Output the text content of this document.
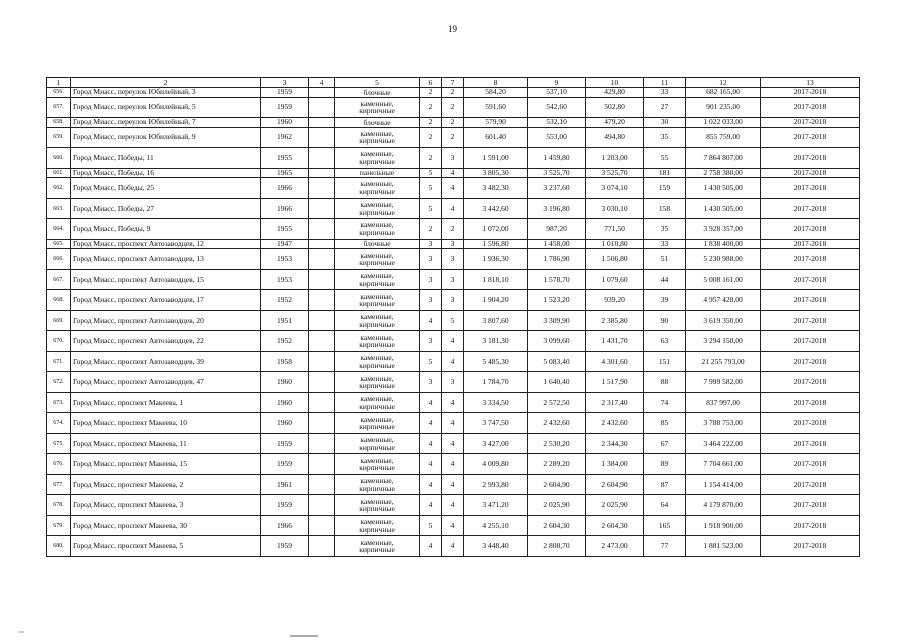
19
1	2	3	4	5	6	7	8	9	10	11	12	13
656.	Город Миасс, переулок Юбилейный, 3	1959		блочные	2	2	584,20	537,10	429,80	33	682 165,00	2017-2018
657.	Город Миасс, переулок Юбилейный, 5	1959		каменные,
кирпичные	2	2	591,60	542,60	502,80	27	901 235,00	2017-2018
658.	Город Миасс, переулок Юбилейный, 7	1960		блочные	2	2	579,90	532,10	479,20	30	1 022 033,00	2017-2018
659.	Город Миасс, переулок Юбилейный, 9	1962		каменные,
кирпичные	2	2	601,40	553,00	494,80	35	855 759,00	2017-2018
660.	Город Миасс, Победы, 11	1955		каменные,
кирпичные	2	3	1 591,00	1 459,80	1 203,00	55	7 864 807,00	2017-2018
661.	Город Миасс, Победы, 16	1965		панельные	5	4	3 805,30	3 525,70	3 525,70	181	2 758 380,00	2017-2018
662.	Город Миасс, Победы, 25	1966		каменные,
кирпичные	5	4	3 482,30	3 237,60	3 074,10	159	1 430 505,00	2017-2018
663.	Город Миасс, Победы, 27	1966		каменные,
кирпичные	5	4	3 442,60	3 196,80	3 030,10	158	1 430 505,00	2017-2018
664.	Город Миасс, Победы, 9	1955		каменные,
кирпичные	2	2	1 072,00	987,20	771,50	35	3 928 357,00	2017-2018
665.	Город Миасс, проспект Автозаводцев, 12	1947		блочные	3	3	1 596,80	1 458,00	1 010,80	33	1 838 400,00	2017-2018
666.	Город Миасс, проспект Автозаводцев, 13	1953		каменные,
кирпичные	3	3	1 936,30	1 786,90	1 506,80	51	5 230 988,00	2017-2018
667.	Город Миасс, проспект Автозаводцев, 15	1953		каменные,
кирпичные	3	3	1 818,10	1 578,70	1 079,60	44	5 008 161,00	2017-2018
668.	Город Миасс, проспект Автозаводцев, 17	1952		каменные,
кирпичные	3	3	1 904,20	1 523,20	939,20	39	4 957 428,00	2017-2018
669.	Город Миасс, проспект Автозаводцев, 20	1951		каменные,
кирпичные	4	5	3 807,60	3 309,90	2 385,80	90	3 619 350,00	2017-2018
670.	Город Миасс, проспект Автозаводцев, 22	1952		каменные,
кирпичные	3	4	3 181,30	3 099,60	1 431,70	63	3 294 150,00	2017-2018
671.	Город Миасс, проспект Автозаводцев, 39	1958		каменные,
кирпичные	5	4	5 485,30	5 083,40	4 301,60	151	21 255 793,00	2017-2018
672.	Город Миасс, проспект Автозаводцев, 47	1960		каменные,
кирпичные	3	3	1 784,70	1 640,40	1 517,90	88	7 999 582,00	2017-2018
673.	Город Миасс, проспект Макеева, 1	1960		каменные,
кирпичные	4	4	3 334,50	2 572,50	2 317,40	74	837 997,00	2017-2018
674.	Город Миасс, проспект Макеева, 10	1960		каменные,
кирпичные	4	4	3 747,50	2 432,60	2 432,60	85	3 788 753,00	2017-2018
675.	Город Миасс, проспект Макеева, 11	1959		каменные,
кирпичные	4	4	3 427,00	2 530,20	2 344,30	67	3 464 222,00	2017-2018
676.	Город Миасс, проспект Макеева, 15	1959		каменные,
кирпичные	4	4	4 009,80	2 289,20	1 384,00	89	7 704 661,00	2017-2018
677.	Город Миасс, проспект Макеева, 2	1961		каменные,
кирпичные	4	4	2 993,80	2 604,90	2 604,90	87	1 154 414,00	2017-2018
678.	Город Миасс, проспект Макеева, 3	1959		каменные,
кирпичные	4	4	3 471,20	2 025,90	2 025,90	64	4 179 870,00	2017-2018
679.	Город Миасс, проспект Макеева, 30	1966		каменные,
кирпичные	5	4	4 255,10	2 604,30	2 604,30	165	1 918 900,00	2017-2018
680.	Город Миасс, проспект Макеева, 5	1959		каменные,
кирпичные	4	4	3 448,40	2 808,70	2 473,00	77	1 881 523,00	2017-2018
